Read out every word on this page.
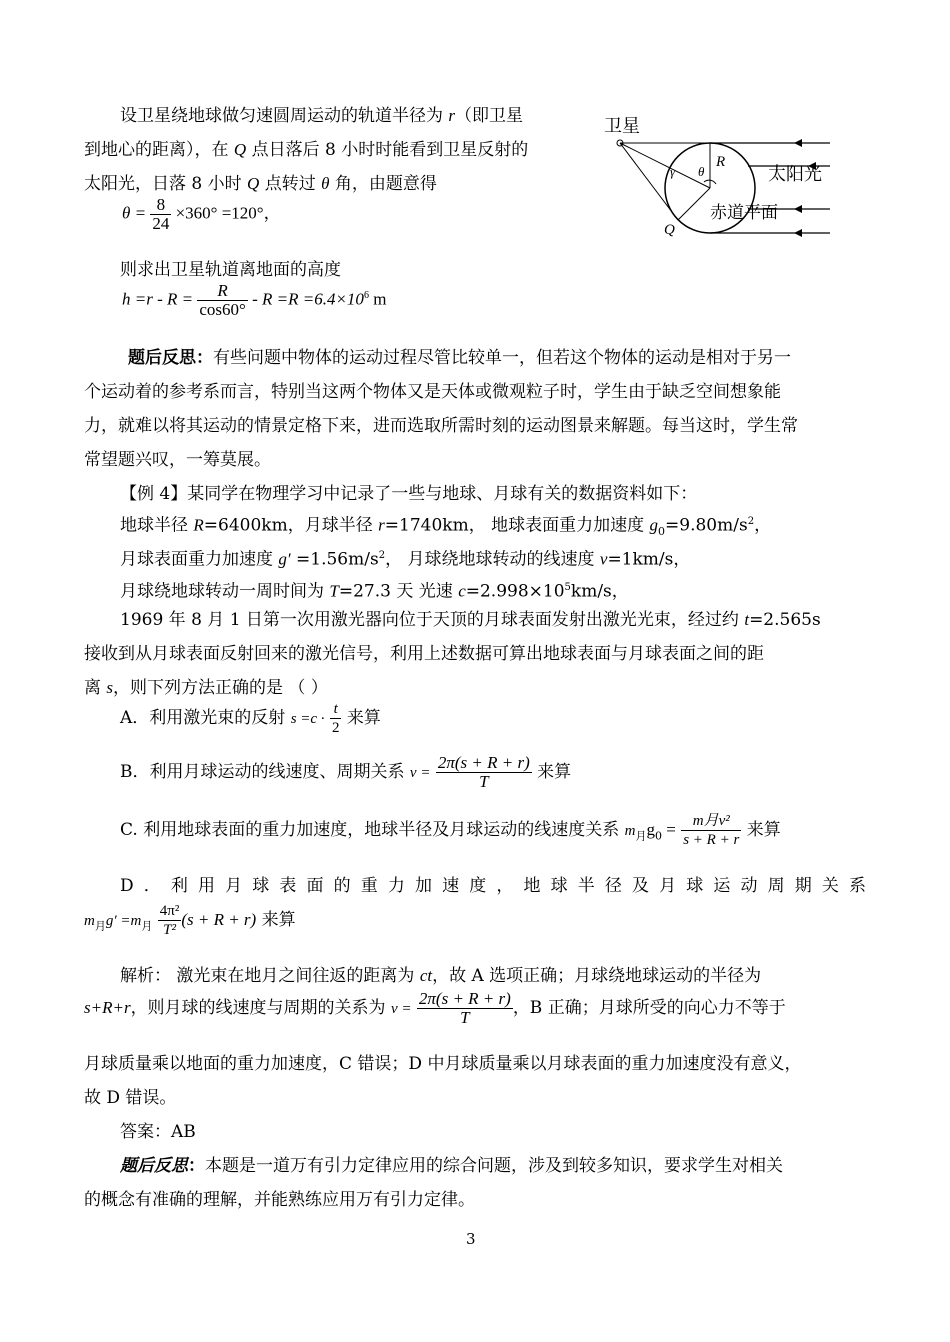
设卫星绕地球做匀速圆周运动的轨道半径为 r（即卫星
到地心的距离），在 Q 点日落后 8 小时时能看到卫星反射的
太阳光，日落 8 小时 Q 点转过 θ 角，由题意得
$\theta = \frac{8}{24} \times 360^\circ =120^\circ$，
则求出卫星轨道离地面的高度
$h =r - R = \frac{R}{\cos 60^\circ} - R =R =6.4\times 10^6$ m
卫星
θ
R
γ
Q
太阳光
赤道平面
题后反思：有些问题中物体的运动过程尽管比较单一，但若这个物体的运动是相对于另一
个运动着的参考系而言，特别当这两个物体又是天体或微观粒子时，学生由于缺乏空间想象能
力，就难以将其运动的情景定格下来，进而选取所需时刻的运动图景来解题。每当这时，学生常
常望题兴叹，一筹莫展。
【例 4】某同学在物理学习中记录了一些与地球、月球有关的数据资料如下：
地球半径 R=6400km，月球半径 r=1740km， 地球表面重力加速度 $g_0=9.80m/s^2$，
月球表面重力加速度 $g' =1.56m/s^2$， 月球绕地球转动的线速度 v=1km/s，
月球绕地球转动一周时间为 T=27.3 天 光速 $c=2.998\times 10^5km/s$，
1969 年 8 月 1 日第一次用激光器向位于天顶的月球表面发射出激光光束，经过约 t=2.565s
接收到从月球表面反射回来的激光信号，利用上述数据可算出地球表面与月球表面之间的距
离 s，则下列方法正确的是 （ ）
A．利用激光束的反射 $s =c \cdot \frac{t}{2}$ 来算
B．利用月球运动的线速度、周期关系 $v = \frac{2\pi(s + R + r)}{T}$ 来算
C. 利用地球表面的重力加速度，地球半径及月球运动的线速度关系 $m_月g_0 = \frac{\text{m月v²}}{s + R + r}$ 来算
D．利用月球表面的重力加速度，地球半径及月球运动周期关系
$m_月g' =m_月 \frac{\text{4π²}}{\text{T²}} (s + R + r)$ 来算
解析： 激光束在地月之间往返的距离为 ct，故 A 选项正确；月球绕地球运动的半径为
s+R+r，则月球的线速度与周期的关系为 $v = \frac{2\pi(s + R + r)}{T}$ ，B 正确；月球所受的向心力不等于
月球质量乘以地面的重力加速度，C 错误；D 中月球质量乘以月球表面的重力加速度没有意义，
故 D 错误。
答案：AB
题后反思：本题是一道万有引力定律应用的综合问题，涉及到较多知识，要求学生对相关
的概念有准确的理解，并能熟练应用万有引力定律。
3
